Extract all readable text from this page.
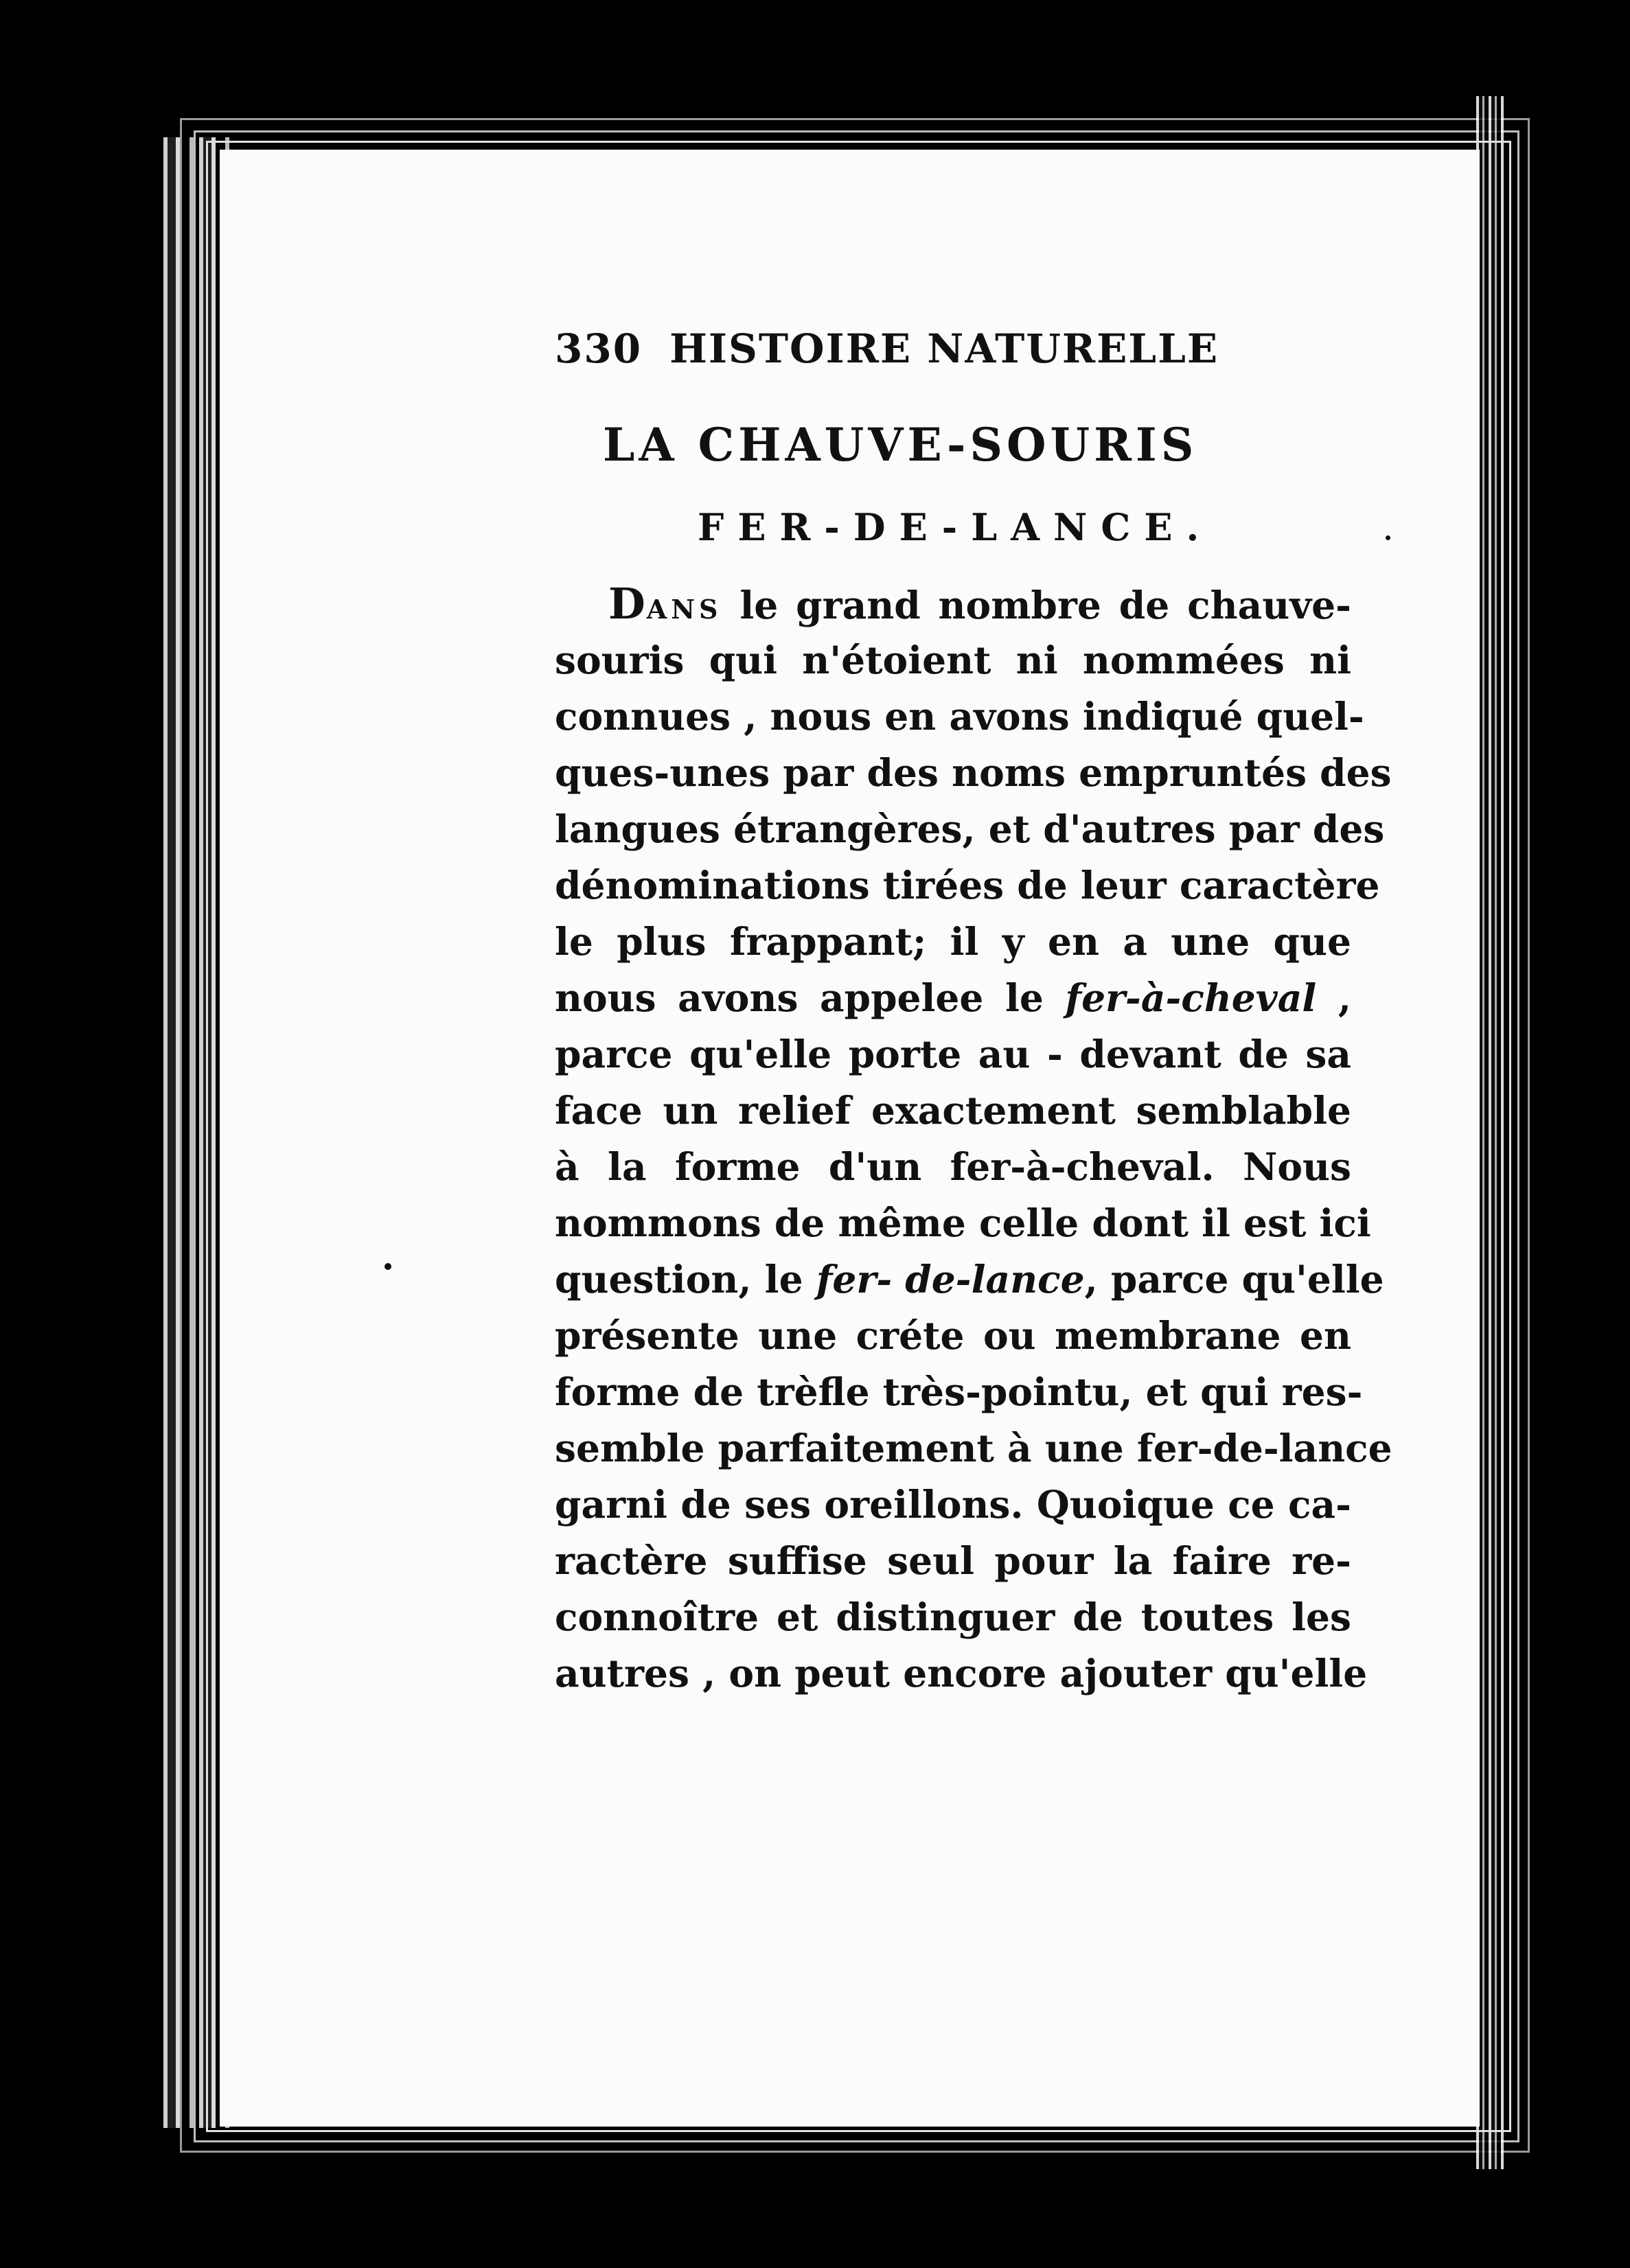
330 HISTOIRE NATURELLE
LA CHAUVE-SOURIS
FER-DE-LANCE.
DANS le grand nombre de chauve-
souris qui n'étoient ni nommées ni
connues , nous en avons indiqué quel-
ques-unes par des noms empruntés des
langues étrangères, et d'autres par des
dénominations tirées de leur caractère
le plus frappant; il y en a une que
nous avons appelee le fer-à-cheval ,
parce qu'elle porte au - devant de sa
face un relief exactement semblable
à la forme d'un fer-à-cheval. Nous
nommons de même celle dont il est ici
question, le fer- de-lance, parce qu'elle
présente une créte ou membrane en
forme de trèfle très-pointu, et qui res-
semble parfaitement à une fer-de-lance
garni de ses oreillons. Quoique ce ca-
ractère suffise seul pour la faire re-
connoître et distinguer de toutes les
autres , on peut encore ajouter qu'elle
